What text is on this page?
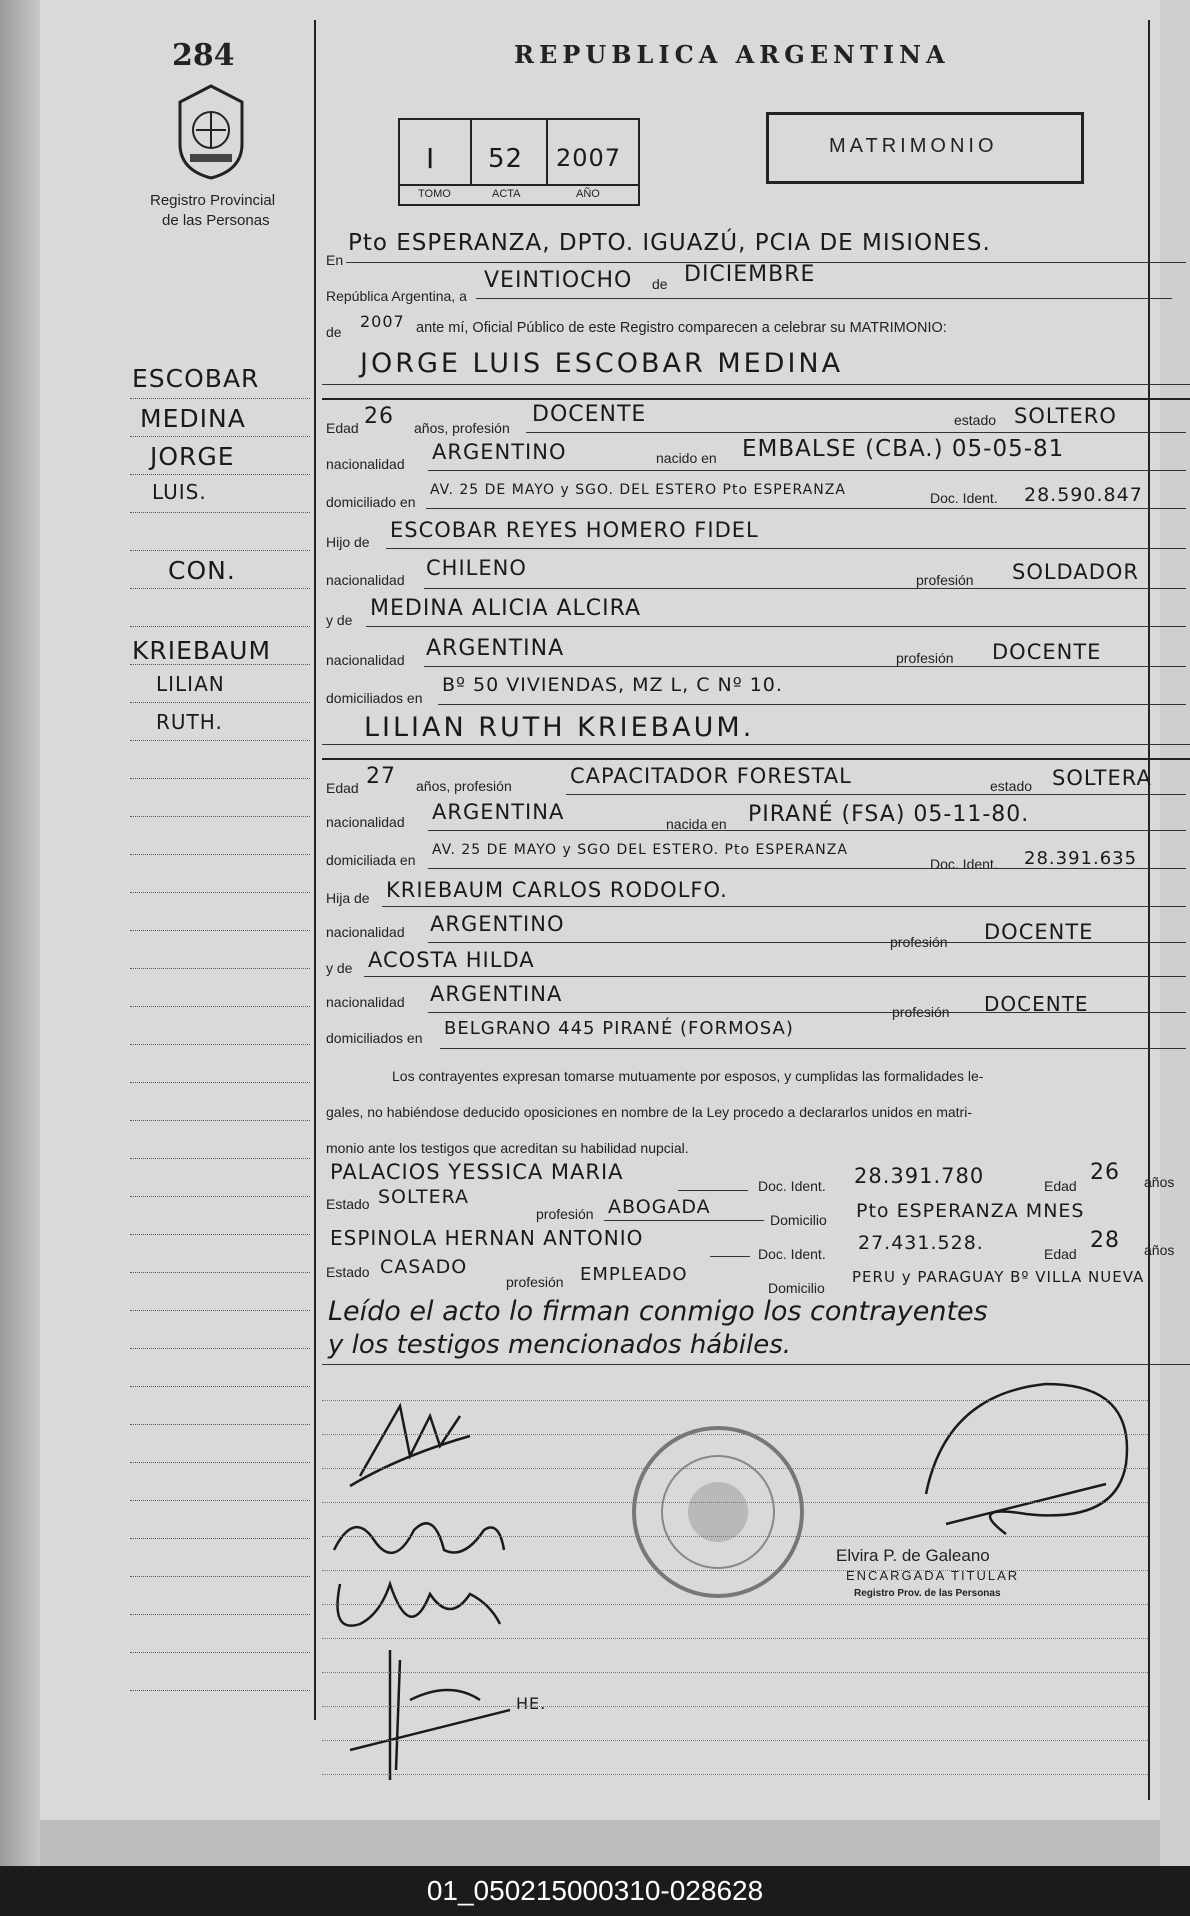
284
Registro Provincial
de las Personas
REPUBLICA ARGENTINA
I 52 2007
TOMO	ACTA	AÑO
MATRIMONIO
ESCOBAR
MEDINA
JORGE
LUIS.
CON.
KRIEBAUM
LILIAN
RUTH.
En
Pto ESPERANZA, DPTO. IGUAZÚ, PCIA DE MISIONES.
República Argentina, a
VEINTIOCHO de DICIEMBRE
de
2007 ante mí, Oficial Público de este Registro comparecen a celebrar su MATRIMONIO:
JORGE LUIS ESCOBAR MEDINA
Edad 26 años, profesión
DOCENTE	estado SOLTERO
nacionalidad ARGENTINO	nacido en EMBALSE (CBA.) 05-05-81
domiciliado en
AV. 25 DE MAYO y SGO. DEL ESTERO Pto ESPERANZA	Doc. Ident. 28.590.847
Hijo de ESCOBAR REYES HOMERO FIDEL
nacionalidad CHILENO	profesión SOLDADOR
y de MEDINA ALICIA ALCIRA
nacionalidad ARGENTINA	profesión DOCENTE
domiciliados en
Bº 50 VIVIENDAS, MZ L, C Nº 10.
LILIAN RUTH KRIEBAUM.
Edad 27 años, profesión	CAPACITADOR FORESTAL	estado SOLTERA
nacionalidad ARGENTINA	nacida en PIRANÉ (FSA) 05-11-80.
domiciliada en
AV. 25 DE MAYO y SGO DEL ESTERO. Pto ESPERANZA
Doc. Ident. 28.391.635
Hija de KRIEBAUM CARLOS RODOLFO.
nacionalidad ARGENTINO
profesión DOCENTE
y de ACOSTA HILDA
nacionalidad ARGENTINA
profesión DOCENTE
domiciliados en BELGRANO 445 PIRANÉ (FORMOSA)
Los contrayentes expresan tomarse mutuamente por esposos, y cumplidas las formalidades le-
gales, no habiéndose deducido oposiciones en nombre de la Ley procedo a declararlos unidos en matri-
monio ante los testigos que acreditan su habilidad nupcial.
PALACIOS YESSICA MARIA
Doc. Ident. 28.391.780	Edad
26 años
Estado SOLTERA
profesión ABOGADA
Domicilio Pto ESPERANZA MNES
ESPINOLA HERNAN ANTONIO
Doc. Ident. 27.431.528.	Edad
28 años
Estado CASADO
profesión EMPLEADO
Domicilio
PERU y PARAGUAY Bº VILLA NUEVA
Leído el acto lo firman conmigo los contrayentes
y los testigos mencionados hábiles.
HE.
Elvira P. de Galeano
ENCARGADA TITULAR
Registro Prov. de las Personas
01_050215000310-028628
